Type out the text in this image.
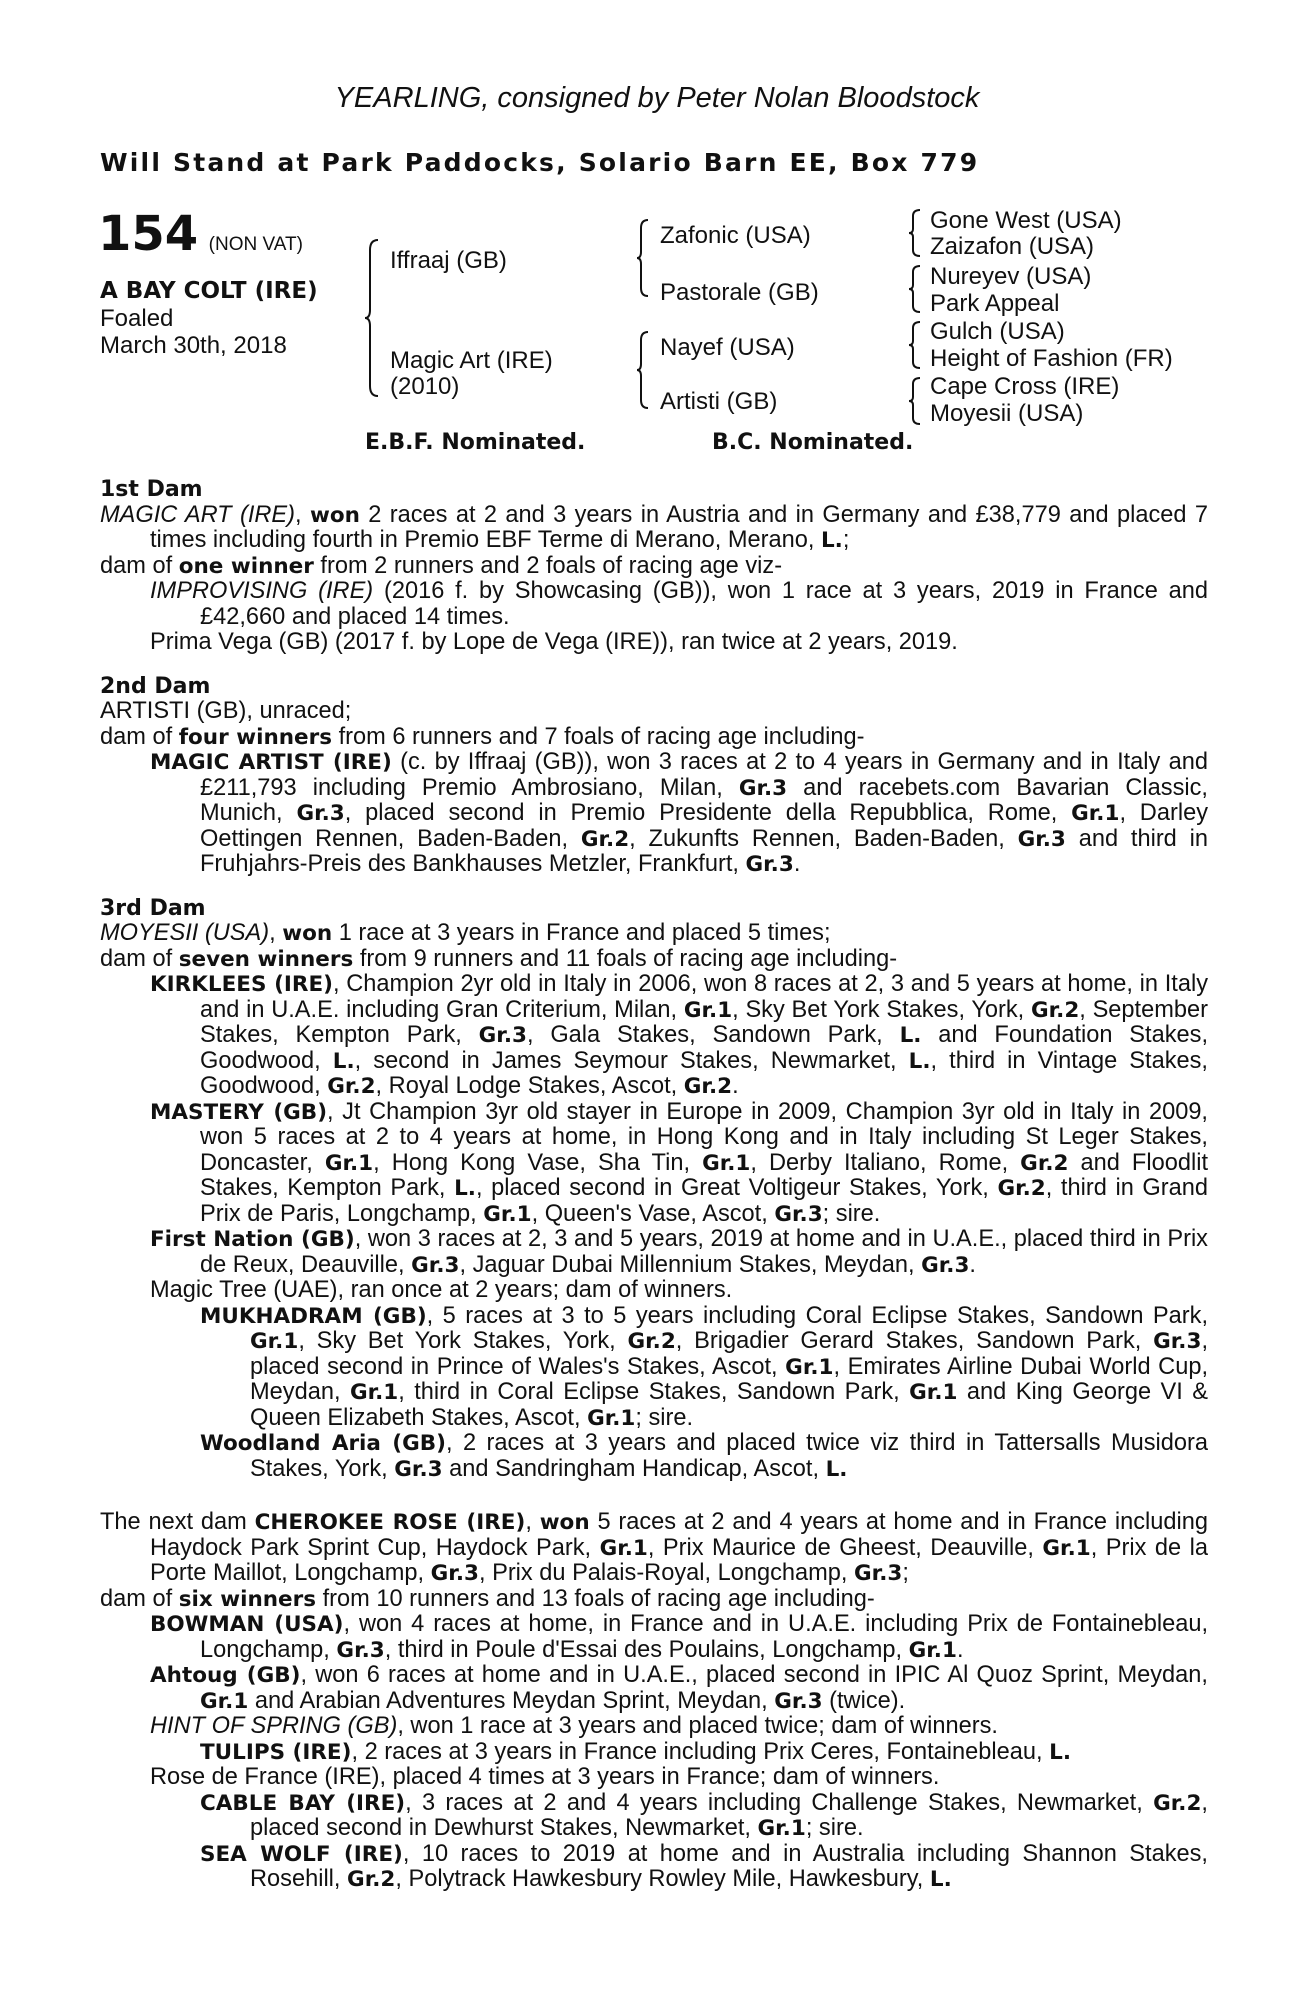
YEARLING, consigned by Peter Nolan Bloodstock
Will Stand at Park Paddocks, Solario Barn EE, Box 779
154 (NON VAT)
A BAY COLT (IRE)
Foaled
March 30th, 2018
Iffraaj (GB)
Magic Art (IRE)
(2010)
Zafonic (USA)
Pastorale (GB)
Nayef (USA)
Artisti (GB)
Gone West (USA)
Zaizafon (USA)
Nureyev (USA)
Park Appeal
Gulch (USA)
Height of Fashion (FR)
Cape Cross (IRE)
Moyesii (USA)
E.B.F. Nominated.	B.C. Nominated.

1st Dam

MAGIC ART (IRE), won 2 races at 2 and 3 years in Austria and in Germany and £38,779 and placed 7 times including fourth in Premio EBF Terme di Merano, Merano, L.;

dam of one winner from 2 runners and 2 foals of racing age viz-

IMPROVISING (IRE) (2016 f. by Showcasing (GB)), won 1 race at 3 years, 2019 in France and £42,660 and placed 14 times.

Prima Vega (GB) (2017 f. by Lope de Vega (IRE)), ran twice at 2 years, 2019.

2nd Dam

ARTISTI (GB), unraced;

dam of four winners from 6 runners and 7 foals of racing age including-

MAGIC ARTIST (IRE) (c. by Iffraaj (GB)), won 3 races at 2 to 4 years in Germany and in Italy and £211,793 including Premio Ambrosiano, Milan, Gr.3 and racebets.com Bavarian Classic, Munich, Gr.3, placed second in Premio Presidente della Repubblica, Rome, Gr.1, Darley Oettingen Rennen, Baden-Baden, Gr.2, Zukunfts Rennen, Baden-Baden, Gr.3 and third in Fruhjahrs-Preis des Bankhauses Metzler, Frankfurt, Gr.3.

3rd Dam

MOYESII (USA), won 1 race at 3 years in France and placed 5 times;

dam of seven winners from 9 runners and 11 foals of racing age including-

KIRKLEES (IRE), Champion 2yr old in Italy in 2006, won 8 races at 2, 3 and 5 years at home, in Italy and in U.A.E. including Gran Criterium, Milan, Gr.1, Sky Bet York Stakes, York, Gr.2, September Stakes, Kempton Park, Gr.3, Gala Stakes, Sandown Park, L. and Foundation Stakes, Goodwood, L., second in James Seymour Stakes, Newmarket, L., third in Vintage Stakes, Goodwood, Gr.2, Royal Lodge Stakes, Ascot, Gr.2.

MASTERY (GB), Jt Champion 3yr old stayer in Europe in 2009, Champion 3yr old in Italy in 2009, won 5 races at 2 to 4 years at home, in Hong Kong and in Italy including St Leger Stakes, Doncaster, Gr.1, Hong Kong Vase, Sha Tin, Gr.1, Derby Italiano, Rome, Gr.2 and Floodlit Stakes, Kempton Park, L., placed second in Great Voltigeur Stakes, York, Gr.2, third in Grand Prix de Paris, Longchamp, Gr.1, Queen's Vase, Ascot, Gr.3; sire.

First Nation (GB), won 3 races at 2, 3 and 5 years, 2019 at home and in U.A.E., placed third in Prix de Reux, Deauville, Gr.3, Jaguar Dubai Millennium Stakes, Meydan, Gr.3.

Magic Tree (UAE), ran once at 2 years; dam of winners.

MUKHADRAM (GB), 5 races at 3 to 5 years including Coral Eclipse Stakes, Sandown Park, Gr.1, Sky Bet York Stakes, York, Gr.2, Brigadier Gerard Stakes, Sandown Park, Gr.3, placed second in Prince of Wales's Stakes, Ascot, Gr.1, Emirates Airline Dubai World Cup, Meydan, Gr.1, third in Coral Eclipse Stakes, Sandown Park, Gr.1 and King George VI & Queen Elizabeth Stakes, Ascot, Gr.1; sire.

Woodland Aria (GB), 2 races at 3 years and placed twice viz third in Tattersalls Musidora Stakes, York, Gr.3 and Sandringham Handicap, Ascot, L.

The next dam CHEROKEE ROSE (IRE), won 5 races at 2 and 4 years at home and in France including Haydock Park Sprint Cup, Haydock Park, Gr.1, Prix Maurice de Gheest, Deauville, Gr.1, Prix de la Porte Maillot, Longchamp, Gr.3, Prix du Palais-Royal, Longchamp, Gr.3;

dam of six winners from 10 runners and 13 foals of racing age including-

BOWMAN (USA), won 4 races at home, in France and in U.A.E. including Prix de Fontainebleau, Longchamp, Gr.3, third in Poule d'Essai des Poulains, Longchamp, Gr.1.

Ahtoug (GB), won 6 races at home and in U.A.E., placed second in IPIC Al Quoz Sprint, Meydan, Gr.1 and Arabian Adventures Meydan Sprint, Meydan, Gr.3 (twice).

HINT OF SPRING (GB), won 1 race at 3 years and placed twice; dam of winners.

TULIPS (IRE), 2 races at 3 years in France including Prix Ceres, Fontainebleau, L.

Rose de France (IRE), placed 4 times at 3 years in France; dam of winners.

CABLE BAY (IRE), 3 races at 2 and 4 years including Challenge Stakes, Newmarket, Gr.2, placed second in Dewhurst Stakes, Newmarket, Gr.1; sire.

SEA WOLF (IRE), 10 races to 2019 at home and in Australia including Shannon Stakes, Rosehill, Gr.2, Polytrack Hawkesbury Rowley Mile, Hawkesbury, L.
